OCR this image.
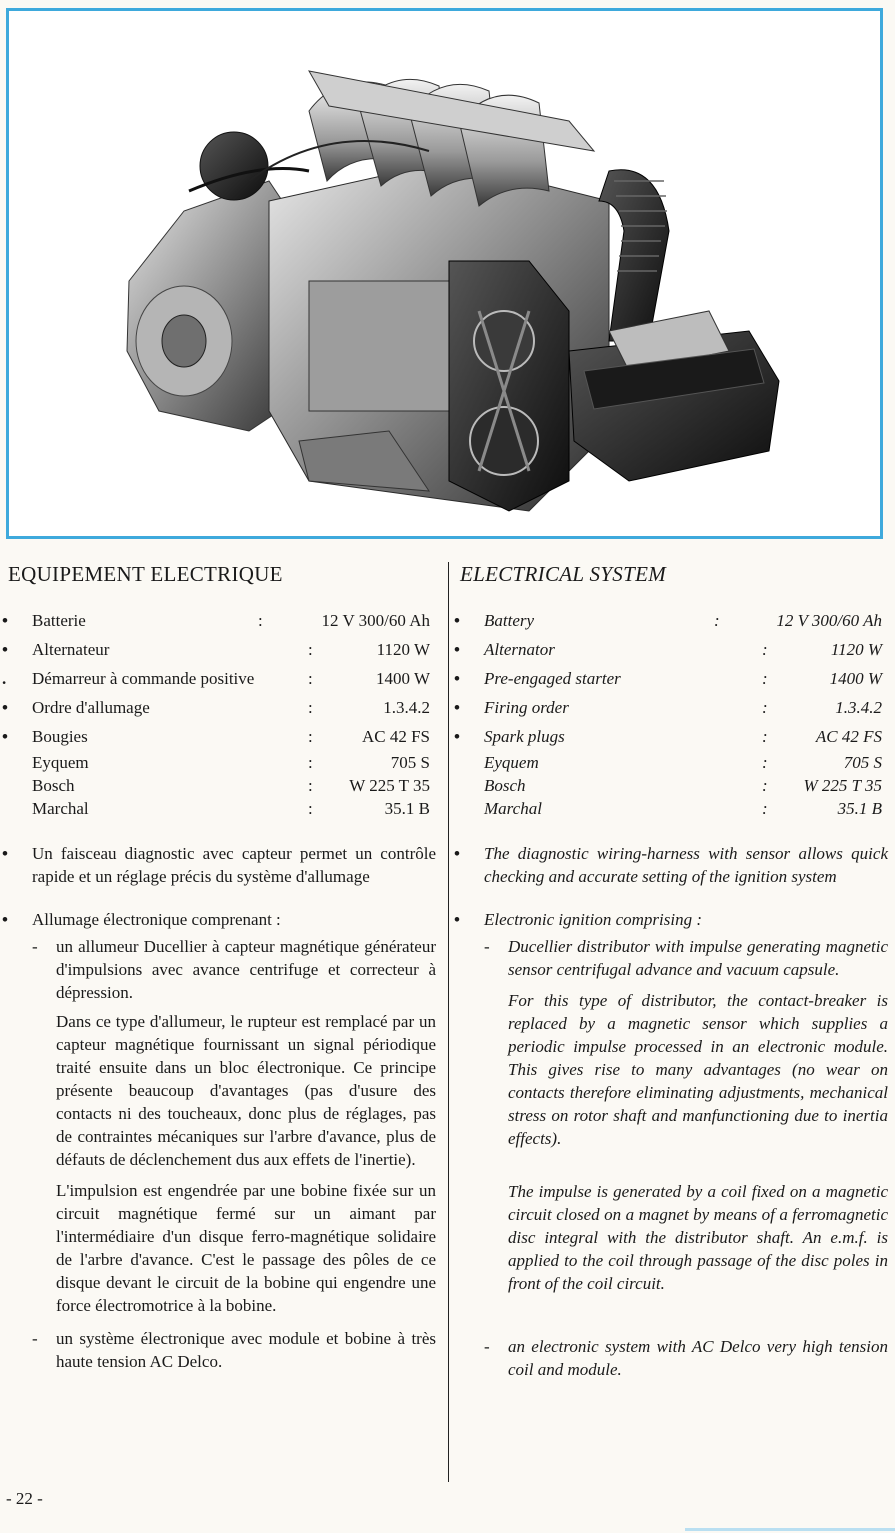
EQUIPEMENT ELECTRIQUE
•	Batterie	:	12 V 300/60 Ah
•	Alternateur	:	1120 W
.	Démarreur à commande positive	:	1400 W
•	Ordre d'allumage	:	1.3.4.2
•	Bougies	:	AC 42 FS
Eyquem	:	705 S
Bosch	: W 225 T 35
Marchal	:	35.1 B
• Un faisceau diagnostic avec capteur permet un contrôle rapide et un réglage précis du système d'allumage
• Allumage électronique comprenant :
- un allumeur Ducellier à capteur magnétique générateur d'impulsions avec avance centrifuge et correcteur à dépression.
Dans ce type d'allumeur, le rupteur est remplacé par un capteur magnétique fournissant un signal périodique traité ensuite dans un bloc électronique. Ce principe présente beaucoup d'avantages (pas d'usure des contacts ni des toucheaux, donc plus de réglages, pas de contraintes mécaniques sur l'arbre d'avance, plus de défauts de déclenchement dus aux effets de l'inertie).
L'impulsion est engendrée par une bobine fixée sur un circuit magnétique fermé sur un aimant par l'intermédiaire d'un disque ferro-magnétique solidaire de l'arbre d'avance. C'est le passage des pôles de ce disque devant le circuit de la bobine qui engendre une force électromotrice à la bobine.
- un système électronique avec module et bobine à très haute tension AC Delco.
ELECTRICAL SYSTEM
•	Battery	:	12 V 300/60 Ah
•	Alternator	:	1120 W
•	Pre-engaged starter	:	1400 W
•	Firing order	:	1.3.4.2
•	Spark plugs	:	AC 42 FS
Eyquem	:	705 S
Bosch	: W 225 T 35
Marchal	:	35.1 B
• The diagnostic wiring-harness with sensor allows quick checking and accurate setting of the ignition system
• Electronic ignition comprising :
- Ducellier distributor with impulse generating magnetic sensor centrifugal advance and vacuum capsule.
For this type of distributor, the contact-breaker is replaced by a magnetic sensor which supplies a periodic impulse processed in an electronic module. This gives rise to many advantages (no wear on contacts therefore eliminating adjustments, mechanical stress on rotor shaft and manfunctioning due to inertia effects).
The impulse is generated by a coil fixed on a magnetic circuit closed on a magnet by means of a ferromagnetic disc integral with the distributor shaft. An e.m.f. is applied to the coil through passage of the disc poles in front of the coil circuit.
- an electronic system with AC Delco very high tension coil and module.
- 22 -
